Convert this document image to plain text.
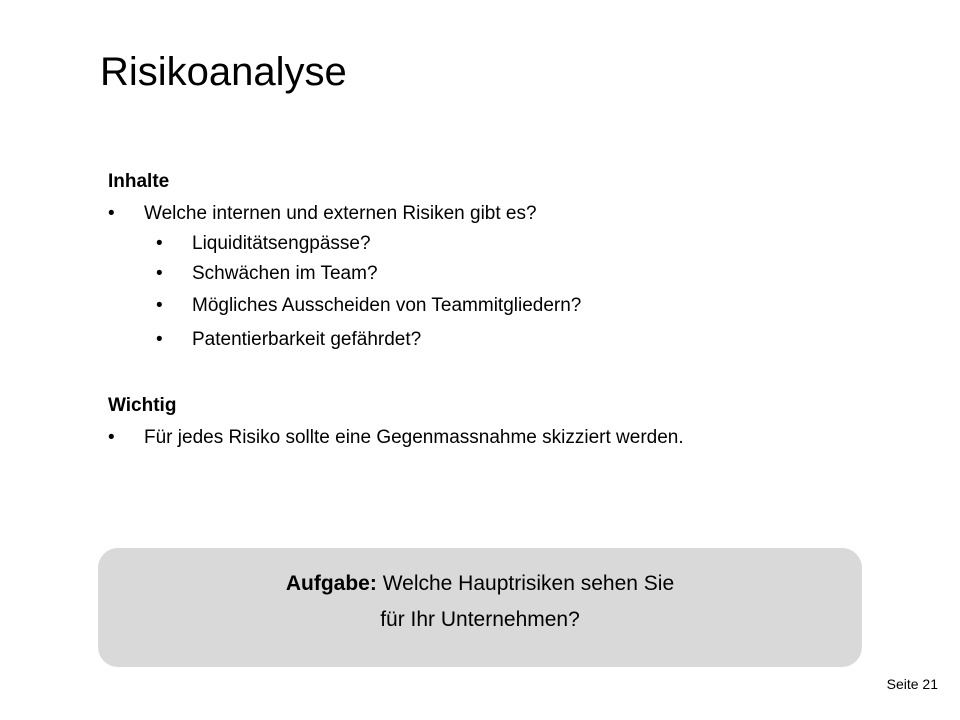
Risikoanalyse
Inhalte
•	Welche internen und externen Risiken gibt es?
•	Liquiditätsengpässe?
•	Schwächen im Team?
•	Mögliches Ausscheiden von Teammitgliedern?
•	Patentierbarkeit gefährdet?
Wichtig
•	Für jedes Risiko sollte eine Gegenmassnahme skizziert werden.
Aufgabe: Welche Hauptrisiken sehen Sie
für Ihr Unternehmen?
Seite 21
